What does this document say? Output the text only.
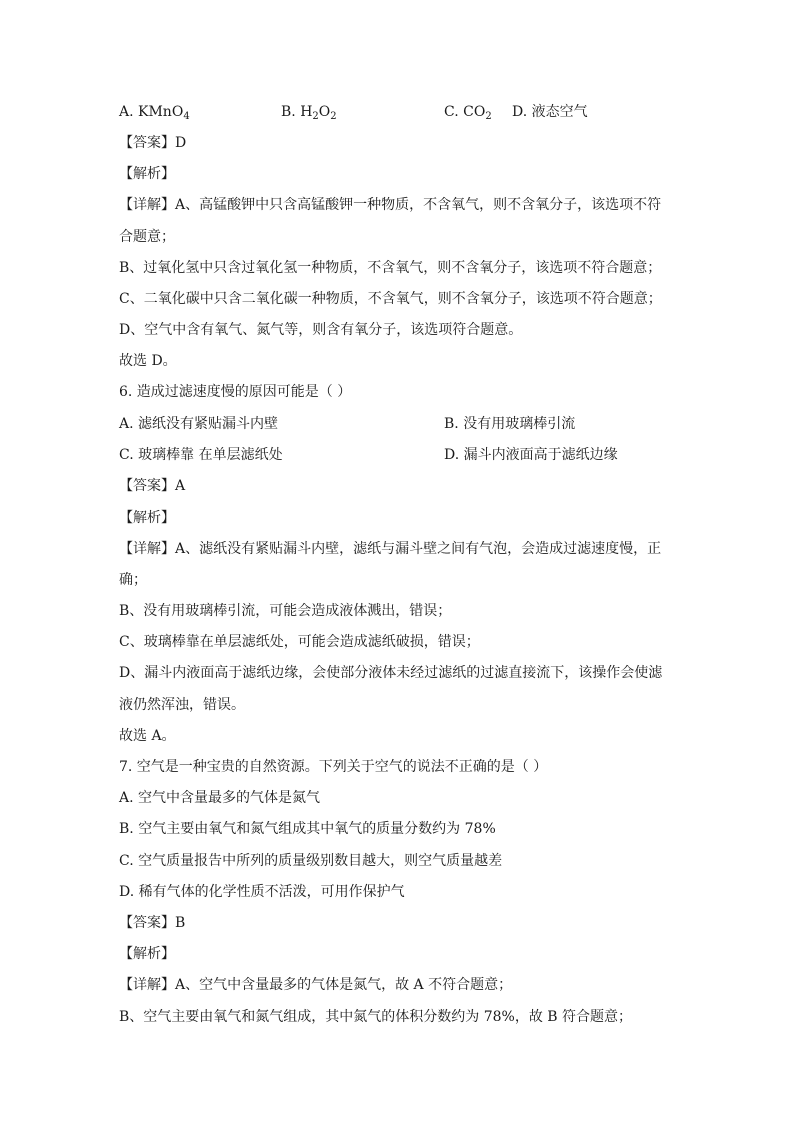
A. KMnO$_4$	B. $H_2O_2$	C. $CO_2$ D. 液态空气
【答案】D
【解析】
【详解】A、高锰酸钾中只含高锰酸钾一种物质，不含氧气，则不含氧分子，该选项不符
合题意；
B、过氧化氢中只含过氧化氢一种物质，不含氧气，则不含氧分子，该选项不符合题意；
C、二氧化碳中只含二氧化碳一种物质，不含氧气，则不含氧分子，该选项不符合题意；
D、空气中含有氧气、氮气等，则含有氧分子，该选项符合题意。
故选 D。
6. 造成过滤速度慢的原因可能是（ ）
A. 滤纸没有紧贴漏斗内壁	B. 没有用玻璃棒引流
C. 玻璃棒靠 在单层滤纸处	D. 漏斗内液面高于滤纸边缘
【答案】A
【解析】
【详解】A、滤纸没有紧贴漏斗内壁，滤纸与漏斗壁之间有气泡，会造成过滤速度慢，正
确；
B、没有用玻璃棒引流，可能会造成液体溅出，错误；
C、玻璃棒靠在单层滤纸处，可能会造成滤纸破损，错误；
D、漏斗内液面高于滤纸边缘，会使部分液体未经过滤纸的过滤直接流下，该操作会使滤
液仍然浑浊，错误。
故选 A。
7. 空气是一种宝贵的自然资源。下列关于空气的说法不正确的是（ ）
A. 空气中含量最多的气体是氮气
B. 空气主要由氧气和氮气组成其中氧气的质量分数约为 78%
C. 空气质量报告中所列的质量级别数目越大，则空气质量越差
D. 稀有气体的化学性质不活泼，可用作保护气
【答案】B
【解析】
【详解】A、空气中含量最多的气体是氮气，故 A 不符合题意；
B、空气主要由氧气和氮气组成，其中氮气的体积分数约为 78%，故 B 符合题意；
